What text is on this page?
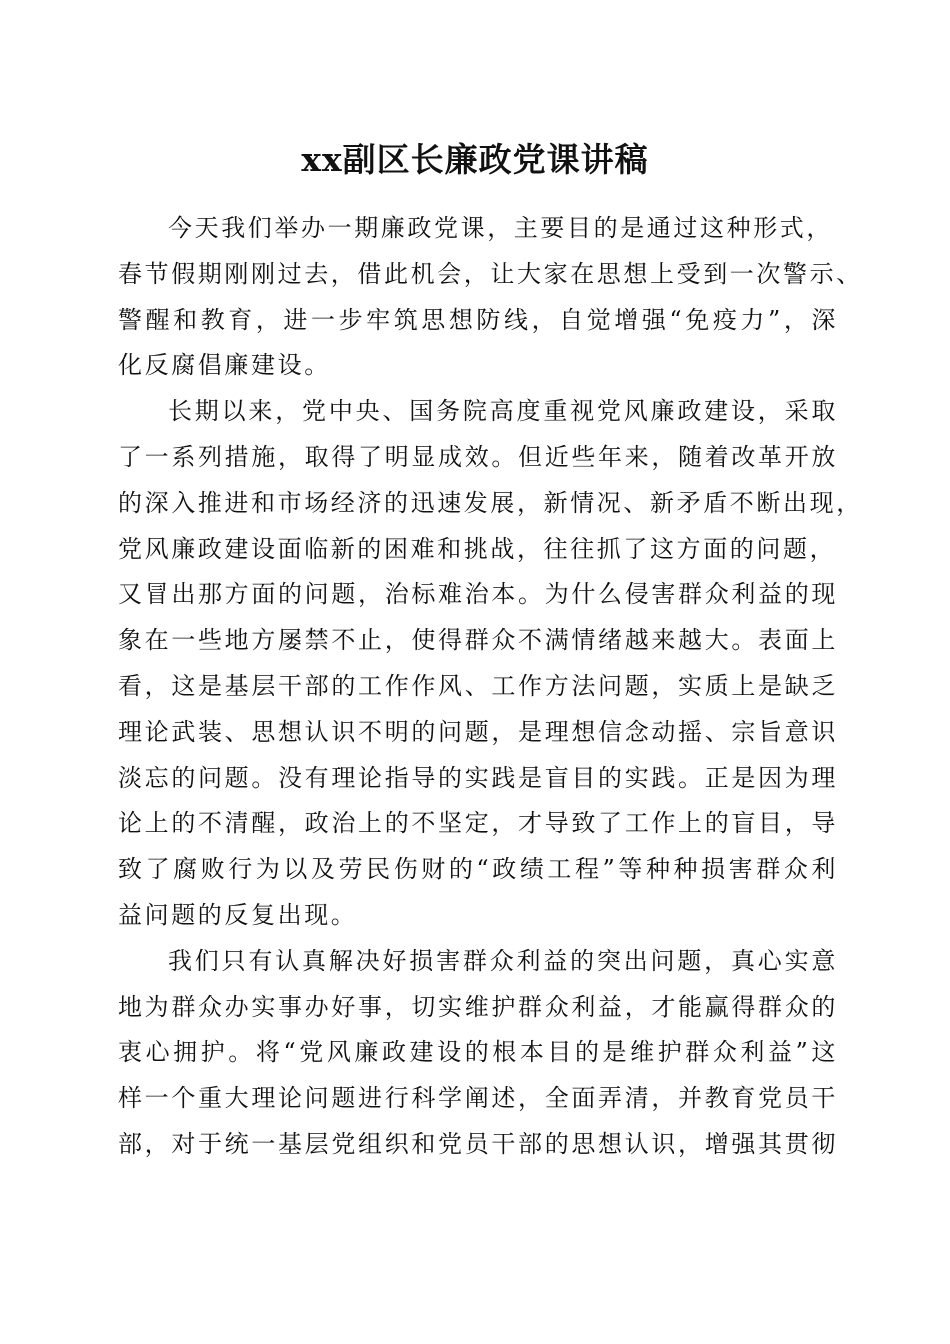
xx副区长廉政党课讲稿
今天我们举办一期廉政党课，主要目的是通过这种形式，
春节假期刚刚过去，借此机会，让大家在思想上受到一次警示、
警醒和教育，进一步牢筑思想防线，自觉增强“免疫力”，深
化反腐倡廉建设。
长期以来，党中央、国务院高度重视党风廉政建设，采取
了一系列措施，取得了明显成效。但近些年来，随着改革开放
的深入推进和市场经济的迅速发展，新情况、新矛盾不断出现，
党风廉政建设面临新的困难和挑战，往往抓了这方面的问题，
又冒出那方面的问题，治标难治本。为什么侵害群众利益的现
象在一些地方屡禁不止，使得群众不满情绪越来越大。表面上
看，这是基层干部的工作作风、工作方法问题，实质上是缺乏
理论武装、思想认识不明的问题，是理想信念动摇、宗旨意识
淡忘的问题。没有理论指导的实践是盲目的实践。正是因为理
论上的不清醒，政治上的不坚定，才导致了工作上的盲目，导
致了腐败行为以及劳民伤财的“政绩工程”等种种损害群众利
益问题的反复出现。
我们只有认真解决好损害群众利益的突出问题，真心实意
地为群众办实事办好事，切实维护群众利益，才能赢得群众的
衷心拥护。将“党风廉政建设的根本目的是维护群众利益”这
样一个重大理论问题进行科学阐述，全面弄清，并教育党员干
部，对于统一基层党组织和党员干部的思想认识，增强其贯彻
